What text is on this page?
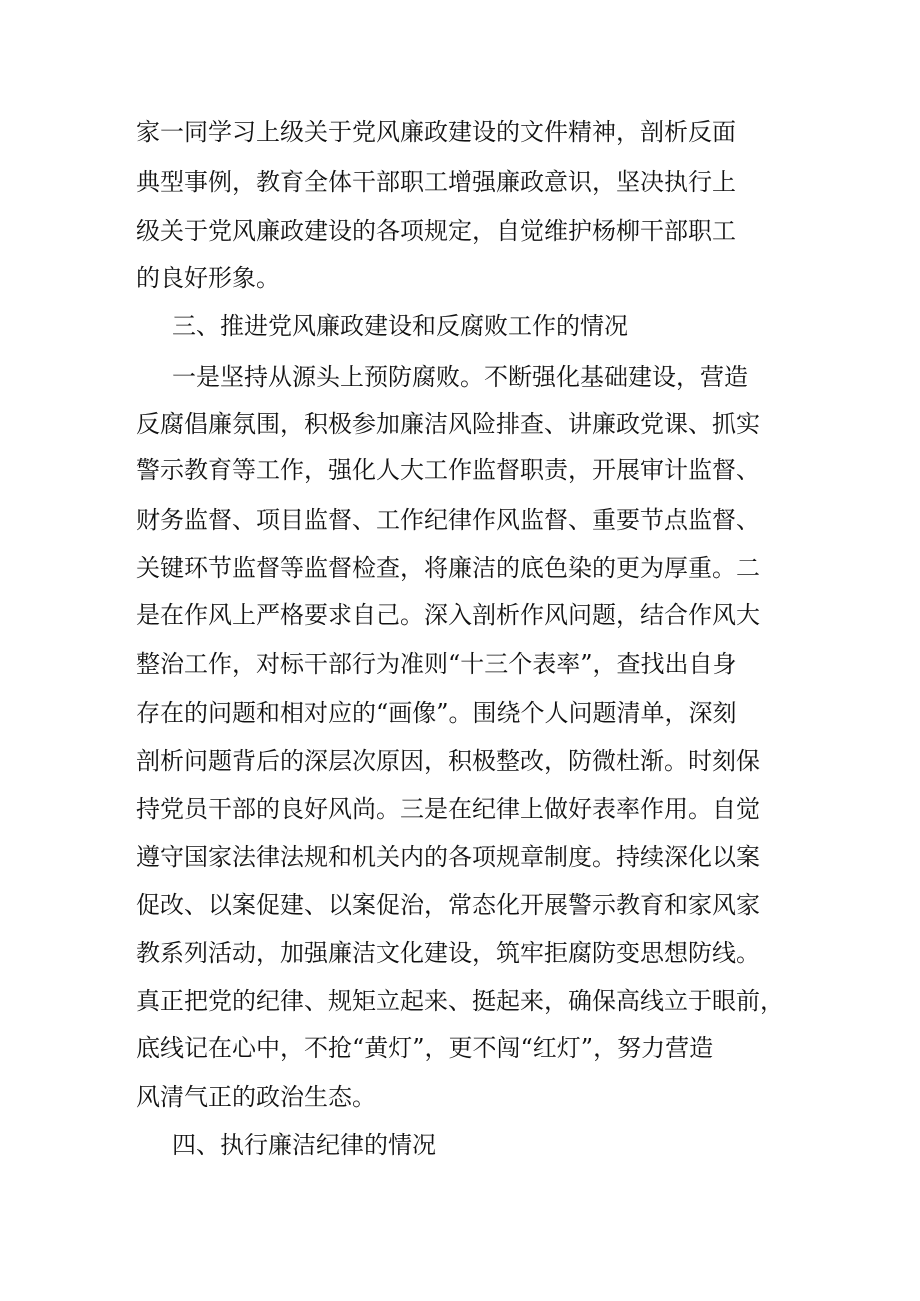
家一同学习上级关于党风廉政建设的文件精神，剖析反面
典型事例，教育全体干部职工增强廉政意识，坚决执行上
级关于党风廉政建设的各项规定，自觉维护杨柳干部职工
的良好形象。
三、推进党风廉政建设和反腐败工作的情况
一是坚持从源头上预防腐败。不断强化基础建设，营造
反腐倡廉氛围，积极参加廉洁风险排查、讲廉政党课、抓实
警示教育等工作，强化人大工作监督职责，开展审计监督、
财务监督、项目监督、工作纪律作风监督、重要节点监督、
关键环节监督等监督检查，将廉洁的底色染的更为厚重。二
是在作风上严格要求自己。深入剖析作风问题，结合作风大
整治工作，对标干部行为准则“十三个表率”，查找出自身
存在的问题和相对应的“画像”。围绕个人问题清单，深刻
剖析问题背后的深层次原因，积极整改，防微杜渐。时刻保
持党员干部的良好风尚。三是在纪律上做好表率作用。自觉
遵守国家法律法规和机关内的各项规章制度。持续深化以案
促改、以案促建、以案促治，常态化开展警示教育和家风家
教系列活动，加强廉洁文化建设，筑牢拒腐防变思想防线。
真正把党的纪律、规矩立起来、挺起来，确保高线立于眼前，
底线记在心中，不抢“黄灯”，更不闯“红灯”，努力营造
风清气正的政治生态。
四、执行廉洁纪律的情况
